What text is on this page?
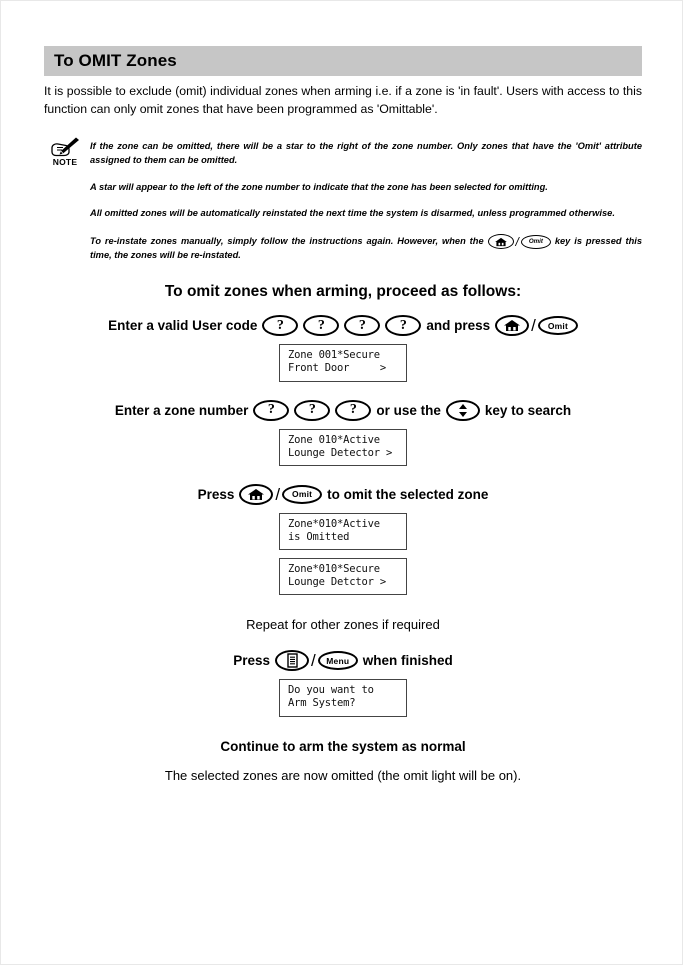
To OMIT Zones

It is possible to exclude (omit) individual zones when arming i.e. if a zone is 'in fault'. Users with access to this function can only omit zones that have been programmed as 'Omittable'.

NOTE

If the zone can be omitted, there will be a star to the right of the zone number. Only zones that have the 'Omit' attribute assigned to them can be omitted.

A star will appear to the left of the zone number to indicate that the zone has been selected for omitting.

All omitted zones will be automatically reinstated the next time the system is disarmed, unless programmed otherwise.

To re-instate zones manually, simply follow the instructions again. However, when the	/	Omit	key is pressed this time, the zones will be re-instated.

To omit zones when arming, proceed as follows:
Enter a valid User code	?	?	?	?	and press /	Omit
Zone 001*Secure
Front Door     >
Enter a zone number	?	?	?	or use the	key to search
Zone 010*Active
Lounge Detector >
Press /	Omit	to omit the selected zone
Zone*010*Active
is Omitted
Zone*010*Secure
Lounge Detctor >
Repeat for other zones if required
Press /	Menu	when finished
Do you want to
Arm System?
Continue to arm the system as normal
The selected zones are now omitted (the omit light will be on).
